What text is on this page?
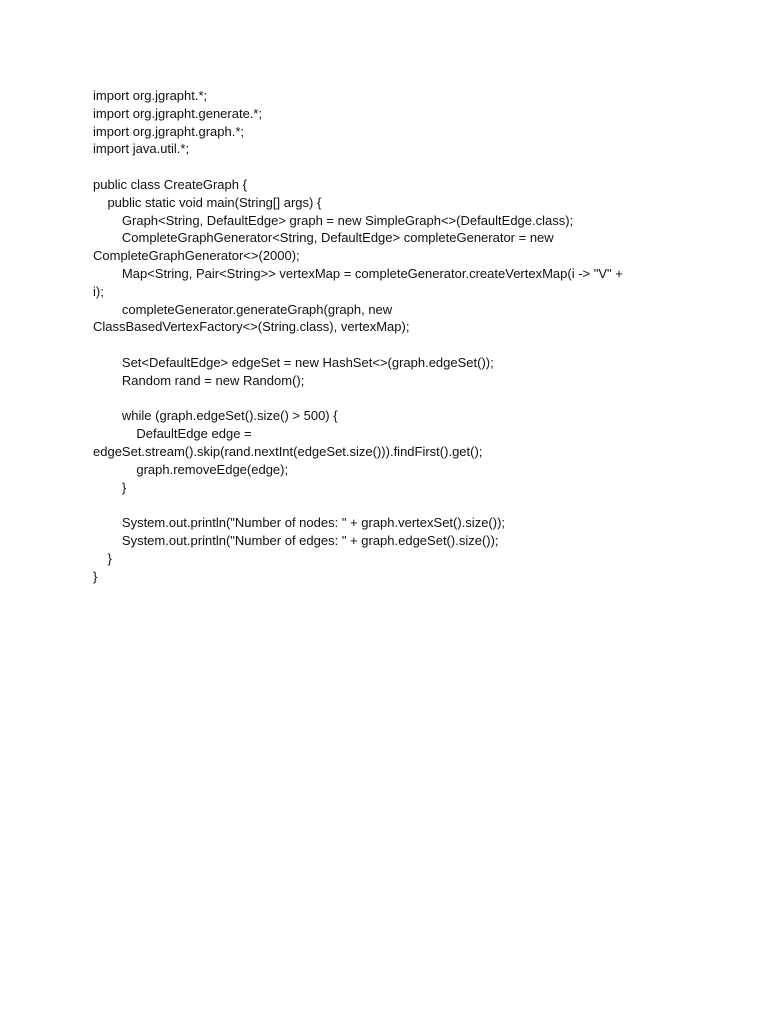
import org.jgrapht.*;
import org.jgrapht.generate.*;
import org.jgrapht.graph.*;
import java.util.*;
public class CreateGraph {
public static void main(String[] args) {
Graph<String, DefaultEdge> graph = new SimpleGraph<>(DefaultEdge.class);
CompleteGraphGenerator<String, DefaultEdge> completeGenerator = new
CompleteGraphGenerator<>(2000);
Map<String, Pair<String>> vertexMap = completeGenerator.createVertexMap(i -> "V" +
i);
completeGenerator.generateGraph(graph, new
ClassBasedVertexFactory<>(String.class), vertexMap);
Set<DefaultEdge> edgeSet = new HashSet<>(graph.edgeSet());
Random rand = new Random();
while (graph.edgeSet().size() > 500) {
DefaultEdge edge =
edgeSet.stream().skip(rand.nextInt(edgeSet.size())).findFirst().get();
graph.removeEdge(edge);
}
System.out.println("Number of nodes: " + graph.vertexSet().size());
System.out.println("Number of edges: " + graph.edgeSet().size());
}
}
